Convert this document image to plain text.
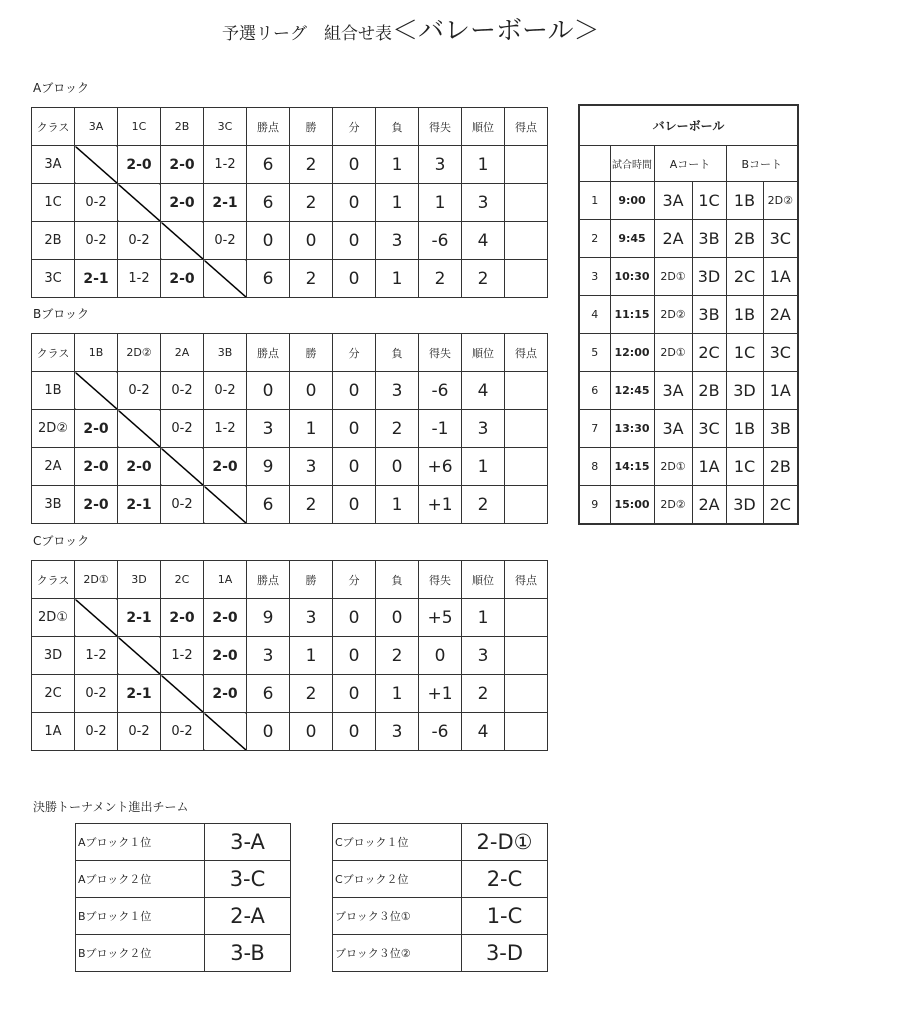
予選リーグ　組合せ表＜バレーボール＞
Aブロック
クラス	3A	1C	2B	3C	勝点	勝	分	負	得失	順位	得点
3A		2-0	2-0	1-2	6	2	0	1	3	1	
1C	0-2		2-0	2-1	6	2	0	1	1	3	
2B	0-2	0-2		0-2	0	0	0	3	-6	4	
3C	2-1	1-2	2-0		6	2	0	1	2	2	
Bブロック
クラス	1B	2D②	2A	3B	勝点	勝	分	負	得失	順位	得点
1B		0-2	0-2	0-2	0	0	0	3	-6	4	
2D②	2-0		0-2	1-2	3	1	0	2	-1	3	
2A	2-0	2-0		2-0	9	3	0	0	+6	1	
3B	2-0	2-1	0-2		6	2	0	1	+1	2	
Cブロック
クラス	2D①	3D	2C	1A	勝点	勝	分	負	得失	順位	得点
2D①		2-1	2-0	2-0	9	3	0	0	+5	1	
3D	1-2		1-2	2-0	3	1	0	2	0	3	
2C	0-2	2-1		2-0	6	2	0	1	+1	2	
1A	0-2	0-2	0-2		0	0	0	3	-6	4	
バレーボール					
	試合時間	Aコート		Bコート	
1	9:00	3A	1C	1B	2D②
2	9:45	2A	3B	2B	3C
3	10:30	2D①	3D	2C	1A
4	11:15	2D②	3B	1B	2A
5	12:00	2D①	2C	1C	3C
6	12:45	3A	2B	3D	1A
7	13:30	3A	3C	1B	3B
8	14:15	2D①	1A	1C	2B
9	15:00	2D②	2A	3D	2C
決勝トーナメント進出チーム
Aブロック１位	3-A
Aブロック２位	3-C
Bブロック１位	2-A
Bブロック２位	3-B
Cブロック１位	2-D①
Cブロック２位	2-C
ブロック３位①	1-C
ブロック３位②	3-D
